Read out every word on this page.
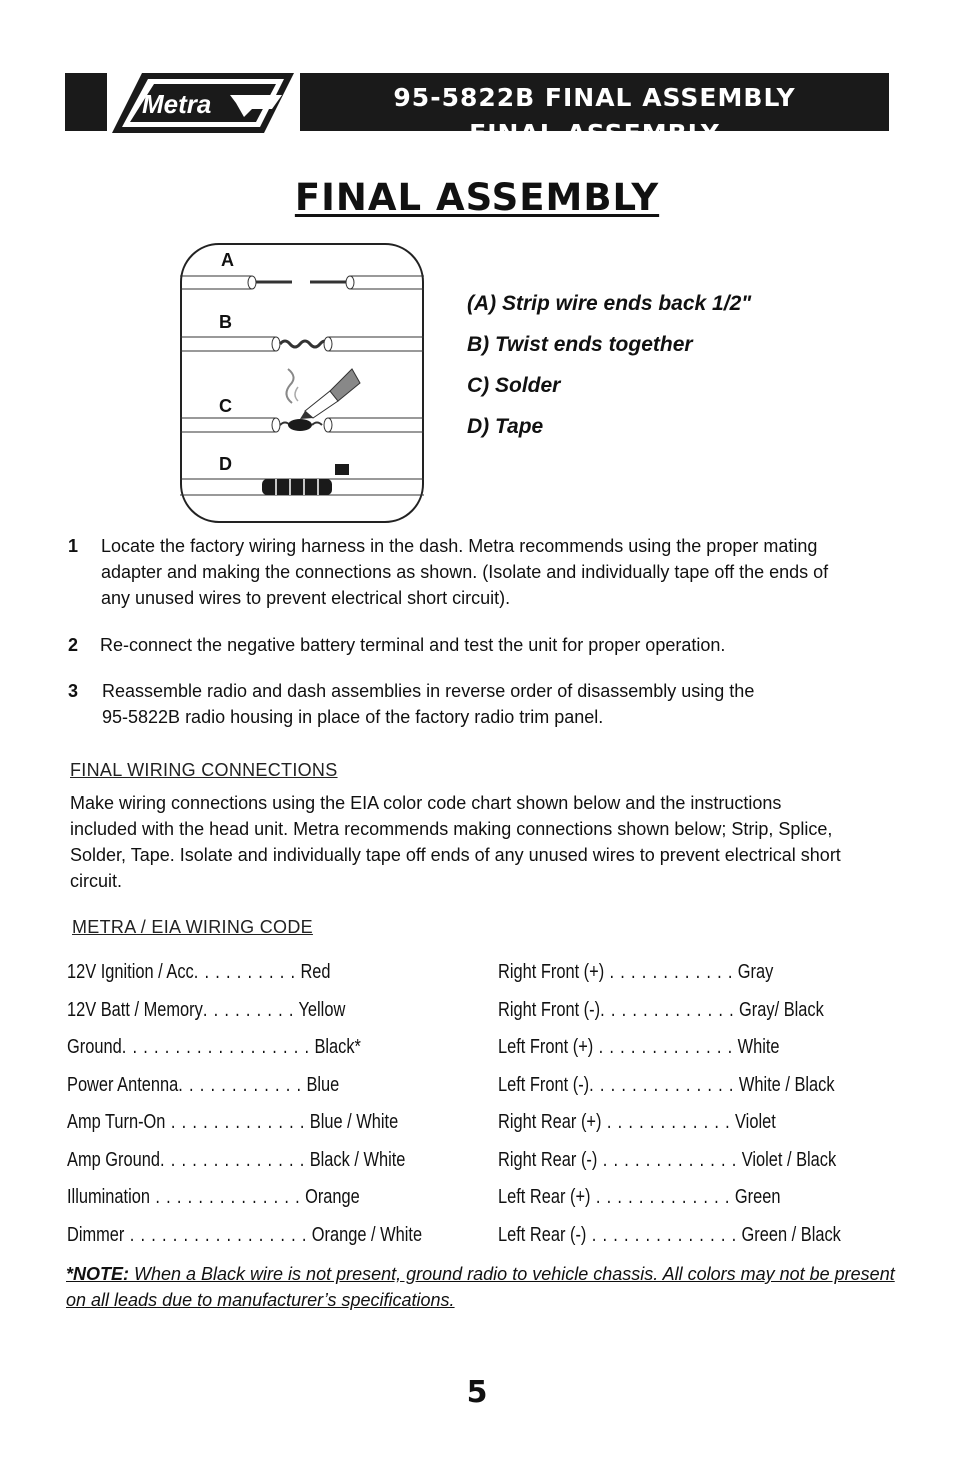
Metra	95-5822B FINAL ASSEMBLY
FINAL ASSEMBLY
FINAL ASSEMBLY
A
B
C
D
(A) Strip wire ends back 1/2"
B) Twist ends together
C) Solder
D) Tape
1 Locate the factory wiring harness in the dash. Metra recommends using the proper mating
adapter and making the connections as shown. (Isolate and individually tape off the ends of
any unused wires to prevent electrical short circuit).
2 Re-connect the negative battery terminal and test the unit for proper operation.
3 Reassemble radio and dash assemblies in reverse order of disassembly using the
95-5822B radio housing in place of the factory radio trim panel.
FINAL WIRING CONNECTIONS
Make wiring connections using the EIA color code chart shown below and the instructions
included with the head unit. Metra recommends making connections shown below; Strip, Splice,
Solder, Tape. Isolate and individually tape off ends of any unused wires to prevent electrical short
circuit.
METRA / EIA WIRING CODE
12V Ignition / Acc. . . . . . . . . . Red
12V Batt / Memory. . . . . . . . . Yellow
Ground. . . . . . . . . . . . . . . . . . Black*
Power Antenna. . . . . . . . . . . . Blue
Amp Turn-On . . . . . . . . . . . . . Blue / White
Amp Ground. . . . . . . . . . . . . . Black / White
Illumination . . . . . . . . . . . . . . Orange
Dimmer . . . . . . . . . . . . . . . . . Orange / White
Right Front (+) . . . . . . . . . . . . Gray
Right Front (-). . . . . . . . . . . . . Gray/ Black
Left Front (+) . . . . . . . . . . . . . White
Left Front (-). . . . . . . . . . . . . . White / Black
Right Rear (+) . . . . . . . . . . . . Violet
Right Rear (-) . . . . . . . . . . . . . Violet / Black
Left Rear (+) . . . . . . . . . . . . . Green
Left Rear (-) . . . . . . . . . . . . . . Green / Black
*NOTE: When a Black wire is not present, ground radio to vehicle chassis. All colors may not be present on all leads due to manufacturer’s specifications.
5
